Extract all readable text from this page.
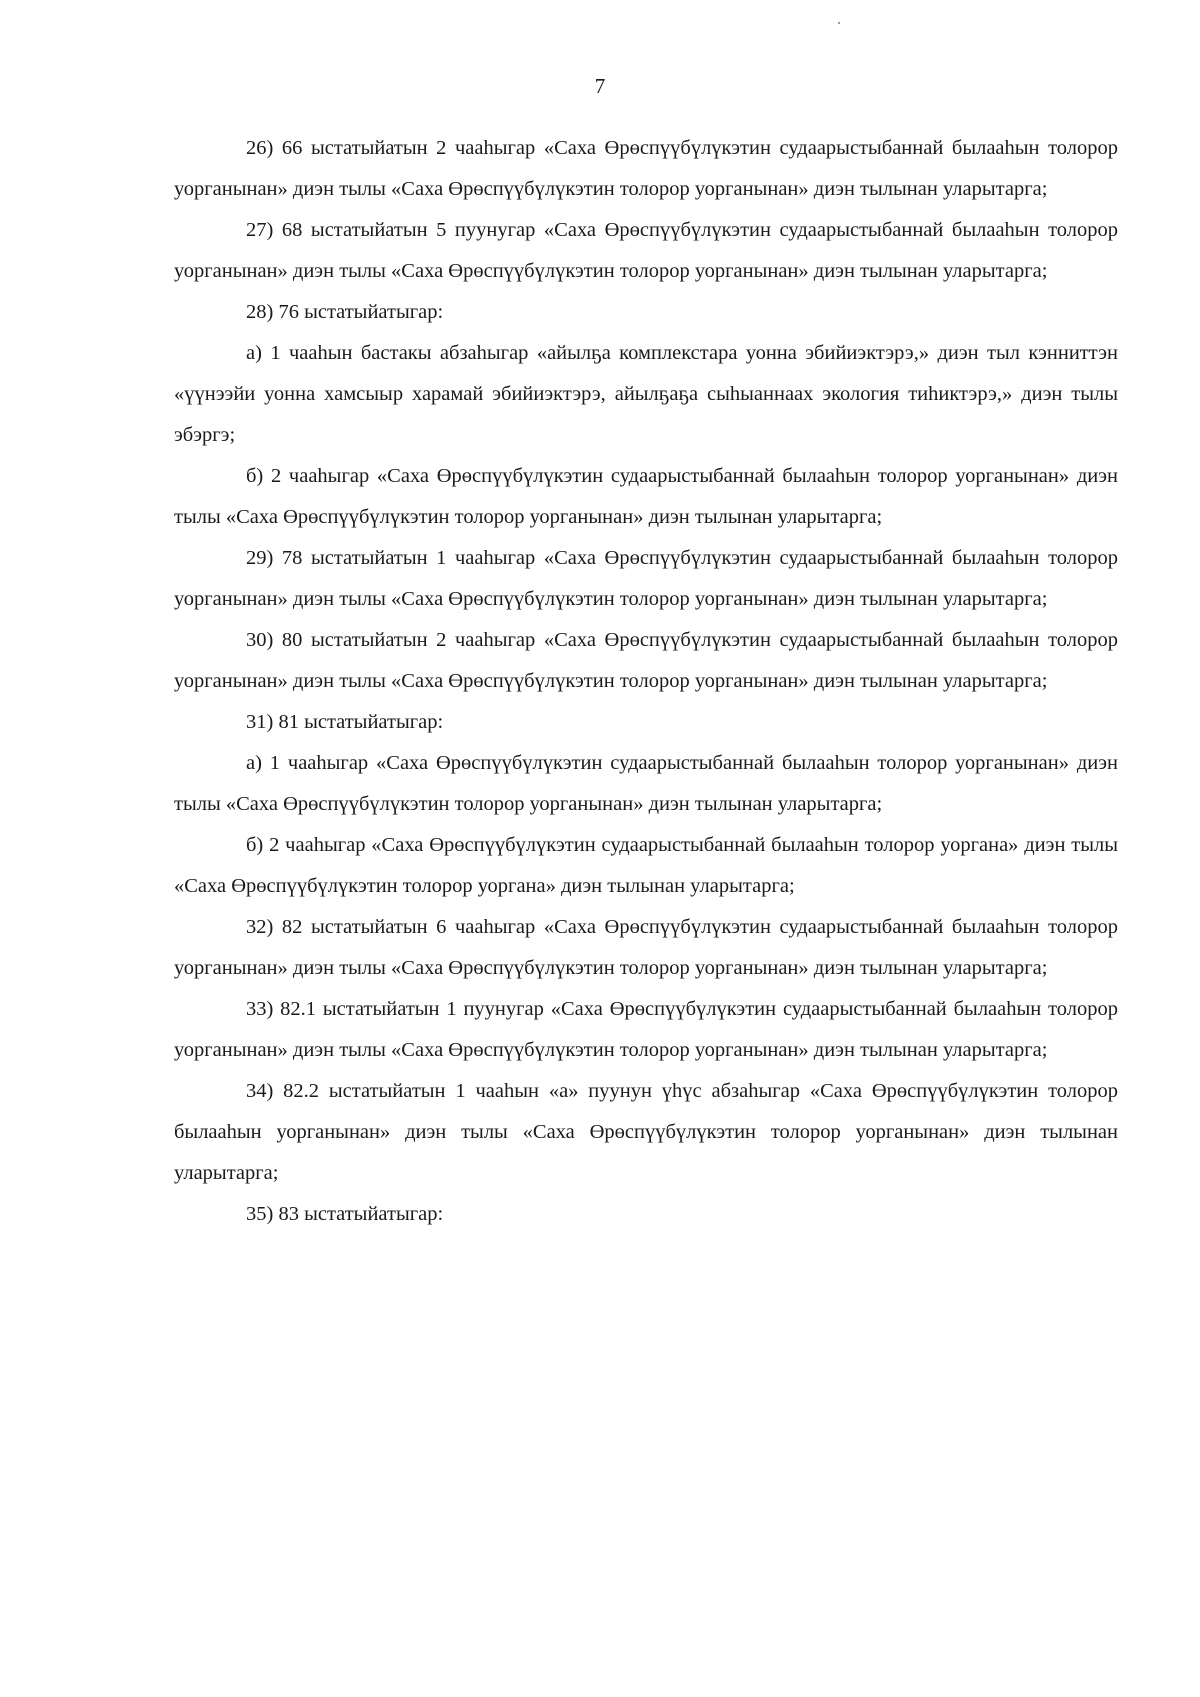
7

26) 66 ыстатыйатын 2 чааһыгар «Саха Өрөспүүбүлүкэтин судаарыстыбаннай былааһын толорор уорганынан» диэн тылы «Саха Өрөспүүбүлүкэтин толорор уорганынан» диэн тылынан уларытарга;

27) 68 ыстатыйатын 5 пуунугар «Саха Өрөспүүбүлүкэтин судаарыстыбаннай былааһын толорор уорганынан» диэн тылы «Саха Өрөспүүбүлүкэтин толорор уорганынан» диэн тылынан уларытарга;

28) 76 ыстатыйатыгар:

а) 1 чааһын бастакы абзаһыгар «айылҕа комплекстара уонна эбийиэктэрэ,» диэн тыл кэнниттэн «үүнээйи уонна хамсыыр харамай эбийиэктэрэ, айылҕаҕа сыһыаннаах экология тиһиктэрэ,» диэн тылы эбэргэ;

б) 2 чааһыгар «Саха Өрөспүүбүлүкэтин судаарыстыбаннай былааһын толорор уорганынан» диэн тылы «Саха Өрөспүүбүлүкэтин толорор уорганынан» диэн тылынан уларытарга;

29) 78 ыстатыйатын 1 чааһыгар «Саха Өрөспүүбүлүкэтин судаарыстыбаннай былааһын толорор уорганынан» диэн тылы «Саха Өрөспүүбүлүкэтин толорор уорганынан» диэн тылынан уларытарга;

30) 80 ыстатыйатын 2 чааһыгар «Саха Өрөспүүбүлүкэтин судаарыстыбаннай былааһын толорор уорганынан» диэн тылы «Саха Өрөспүүбүлүкэтин толорор уорганынан» диэн тылынан уларытарга;

31) 81 ыстатыйатыгар:

а) 1 чааһыгар «Саха Өрөспүүбүлүкэтин судаарыстыбаннай былааһын толорор уорганынан» диэн тылы «Саха Өрөспүүбүлүкэтин толорор уорганынан» диэн тылынан уларытарга;

б) 2 чааһыгар «Саха Өрөспүүбүлүкэтин судаарыстыбаннай былааһын толорор уоргана» диэн тылы «Саха Өрөспүүбүлүкэтин толорор уоргана» диэн тылынан уларытарга;

32) 82 ыстатыйатын 6 чааһыгар «Саха Өрөспүүбүлүкэтин судаарыстыбаннай былааһын толорор уорганынан» диэн тылы «Саха Өрөспүүбүлүкэтин толорор уорганынан» диэн тылынан уларытарга;

33) 82.1 ыстатыйатын 1 пуунугар «Саха Өрөспүүбүлүкэтин судаарыстыбаннай былааһын толорор уорганынан» диэн тылы «Саха Өрөспүүбүлүкэтин толорор уорганынан» диэн тылынан уларытарга;

34) 82.2 ыстатыйатын 1 чааһын «а» пуунун үһүс абзаһыгар «Саха Өрөспүүбүлүкэтин толорор былааһын уорганынан» диэн тылы «Саха Өрөспүүбүлүкэтин толорор уорганынан» диэн тылынан уларытарга;

35) 83 ыстатыйатыгар:
